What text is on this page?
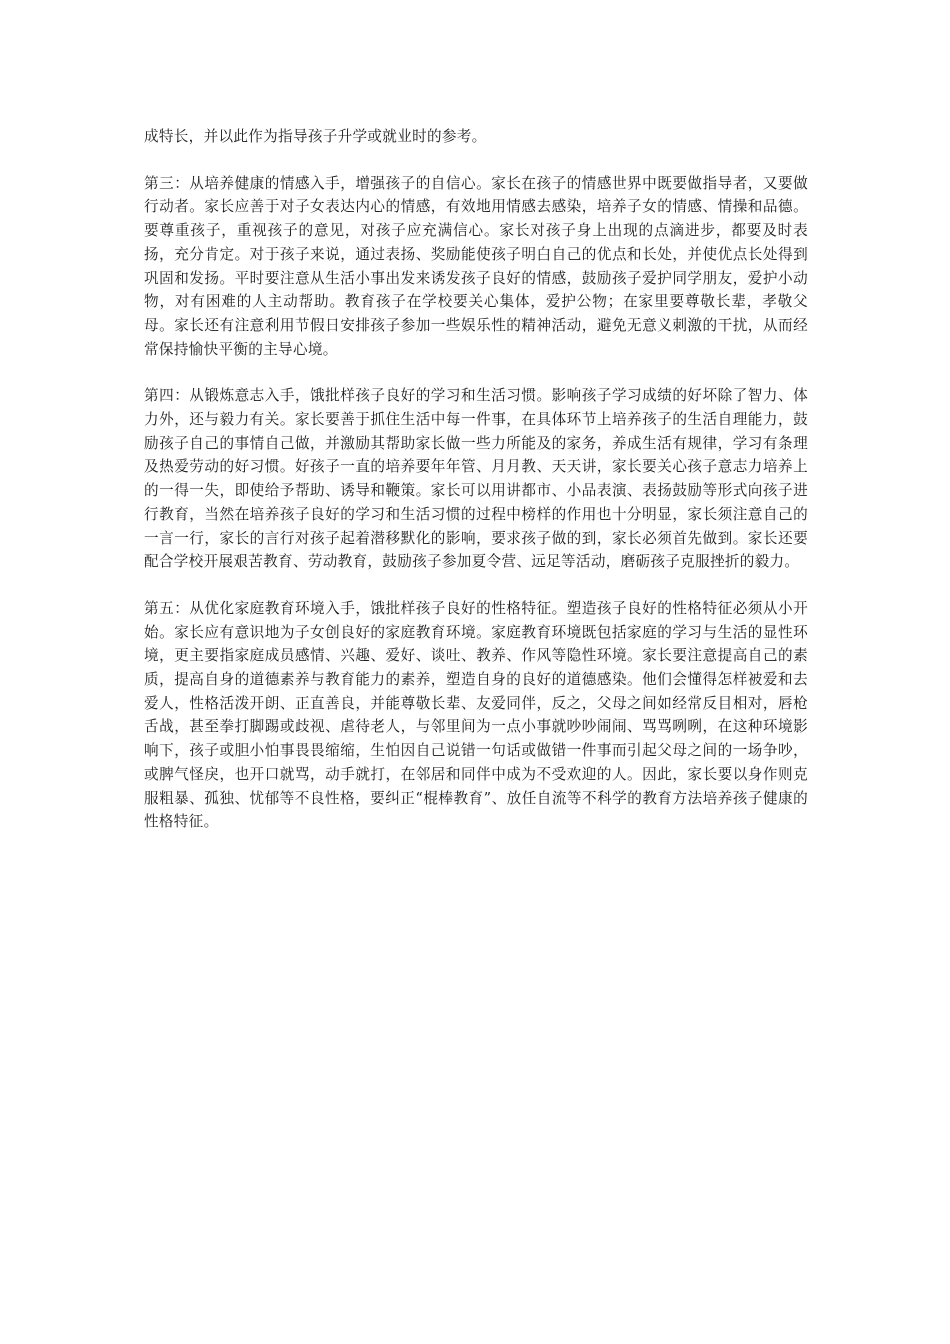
成特长，并以此作为指导孩子升学或就业时的参考。

第三：从培养健康的情感入手，增强孩子的自信心。家长在孩子的情感世界中既要做指导者，又要做行动者。家长应善于对子女表达内心的情感，有效地用情感去感染，培养子女的情感、情操和品德。要尊重孩子，重视孩子的意见，对孩子应充满信心。家长对孩子身上出现的点滴进步，都要及时表扬，充分肯定。对于孩子来说，通过表扬、奖励能使孩子明白自己的优点和长处，并使优点长处得到巩固和发扬。平时要注意从生活小事出发来诱发孩子良好的情感，鼓励孩子爱护同学朋友，爱护小动物，对有困难的人主动帮助。教育孩子在学校要关心集体，爱护公物；在家里要尊敬长辈，孝敬父母。家长还有注意利用节假日安排孩子参加一些娱乐性的精神活动，避免无意义刺激的干扰，从而经常保持愉快平衡的主导心境。

第四：从锻炼意志入手，饿批样孩子良好的学习和生活习惯。影响孩子学习成绩的好坏除了智力、体力外，还与毅力有关。家长要善于抓住生活中每一件事，在具体环节上培养孩子的生活自理能力，鼓励孩子自己的事情自己做，并激励其帮助家长做一些力所能及的家务，养成生活有规律，学习有条理及热爱劳动的好习惯。好孩子一直的培养要年年管、月月教、天天讲，家长要关心孩子意志力培养上的一得一失，即使给予帮助、诱导和鞭策。家长可以用讲都市、小品表演、表扬鼓励等形式向孩子进行教育，当然在培养孩子良好的学习和生活习惯的过程中榜样的作用也十分明显，家长须注意自己的一言一行，家长的言行对孩子起着潜移默化的影响，要求孩子做的到，家长必须首先做到。家长还要配合学校开展艰苦教育、劳动教育，鼓励孩子参加夏令营、远足等活动，磨砺孩子克服挫折的毅力。

第五：从优化家庭教育环境入手，饿批样孩子良好的性格特征。塑造孩子良好的性格特征必须从小开始。家长应有意识地为子女创良好的家庭教育环境。家庭教育环境既包括家庭的学习与生活的显性环境，更主要指家庭成员感情、兴趣、爱好、谈吐、教养、作风等隐性环境。家长要注意提高自己的素质，提高自身的道德素养与教育能力的素养，塑造自身的良好的道德感染。他们会懂得怎样被爱和去爱人，性格活泼开朗、正直善良，并能尊敬长辈、友爱同伴，反之，父母之间如经常反目相对，唇枪舌战，甚至拳打脚踢或歧视、虐待老人，与邻里间为一点小事就吵吵闹闹、骂骂咧咧，在这种环境影响下，孩子或胆小怕事畏畏缩缩，生怕因自己说错一句话或做错一件事而引起父母之间的一场争吵，或脾气怪戾，也开口就骂，动手就打，在邻居和同伴中成为不受欢迎的人。因此，家长要以身作则克服粗暴、孤独、忧郁等不良性格，要纠正“棍棒教育”、放任自流等不科学的教育方法培养孩子健康的性格特征。
